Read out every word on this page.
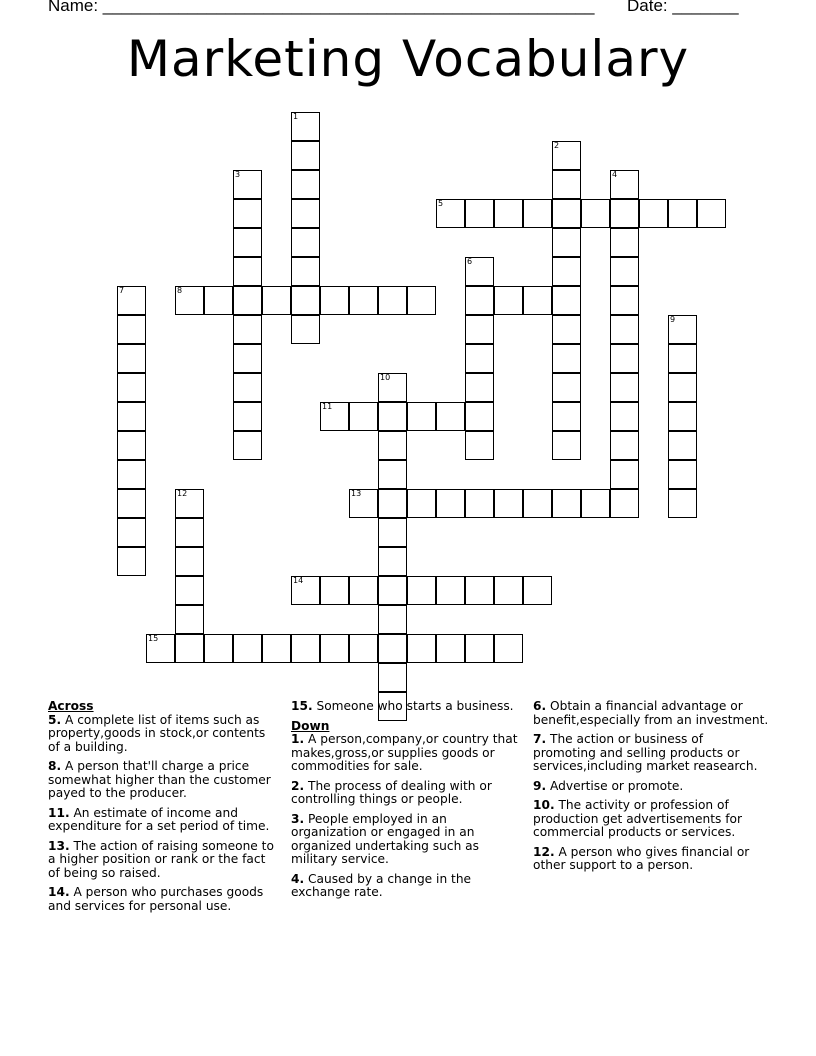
Name: ____________________________________________________ Date: _______
Marketing Vocabulary
1
2
3	4
5
6
7	8
9
10
11
12	13
14
15
Across
5. A complete list of items such as property,goods in stock,or contents of a building.
8. A person that'll charge a price somewhat higher than the customer payed to the producer.
11. An estimate of income and expenditure for a set period of time.
13. The action of raising someone to a higher position or rank or the fact of being so raised.
14. A person who purchases goods and services for personal use.
15. Someone who starts a business.
Down
1. A person,company,or country that makes,gross,or supplies goods or commodities for sale.
2. The process of dealing with or controlling things or people.
3. People employed in an organization or engaged in an organized undertaking such as military service.
4. Caused by a change in the exchange rate.
6. Obtain a financial advantage or benefit,especially from an investment.
7. The action or business of promoting and selling products or services,including market reasearch.
9. Advertise or promote.
10. The activity or profession of production get advertisements for commercial products or services.
12. A person who gives financial or other support to a person.
